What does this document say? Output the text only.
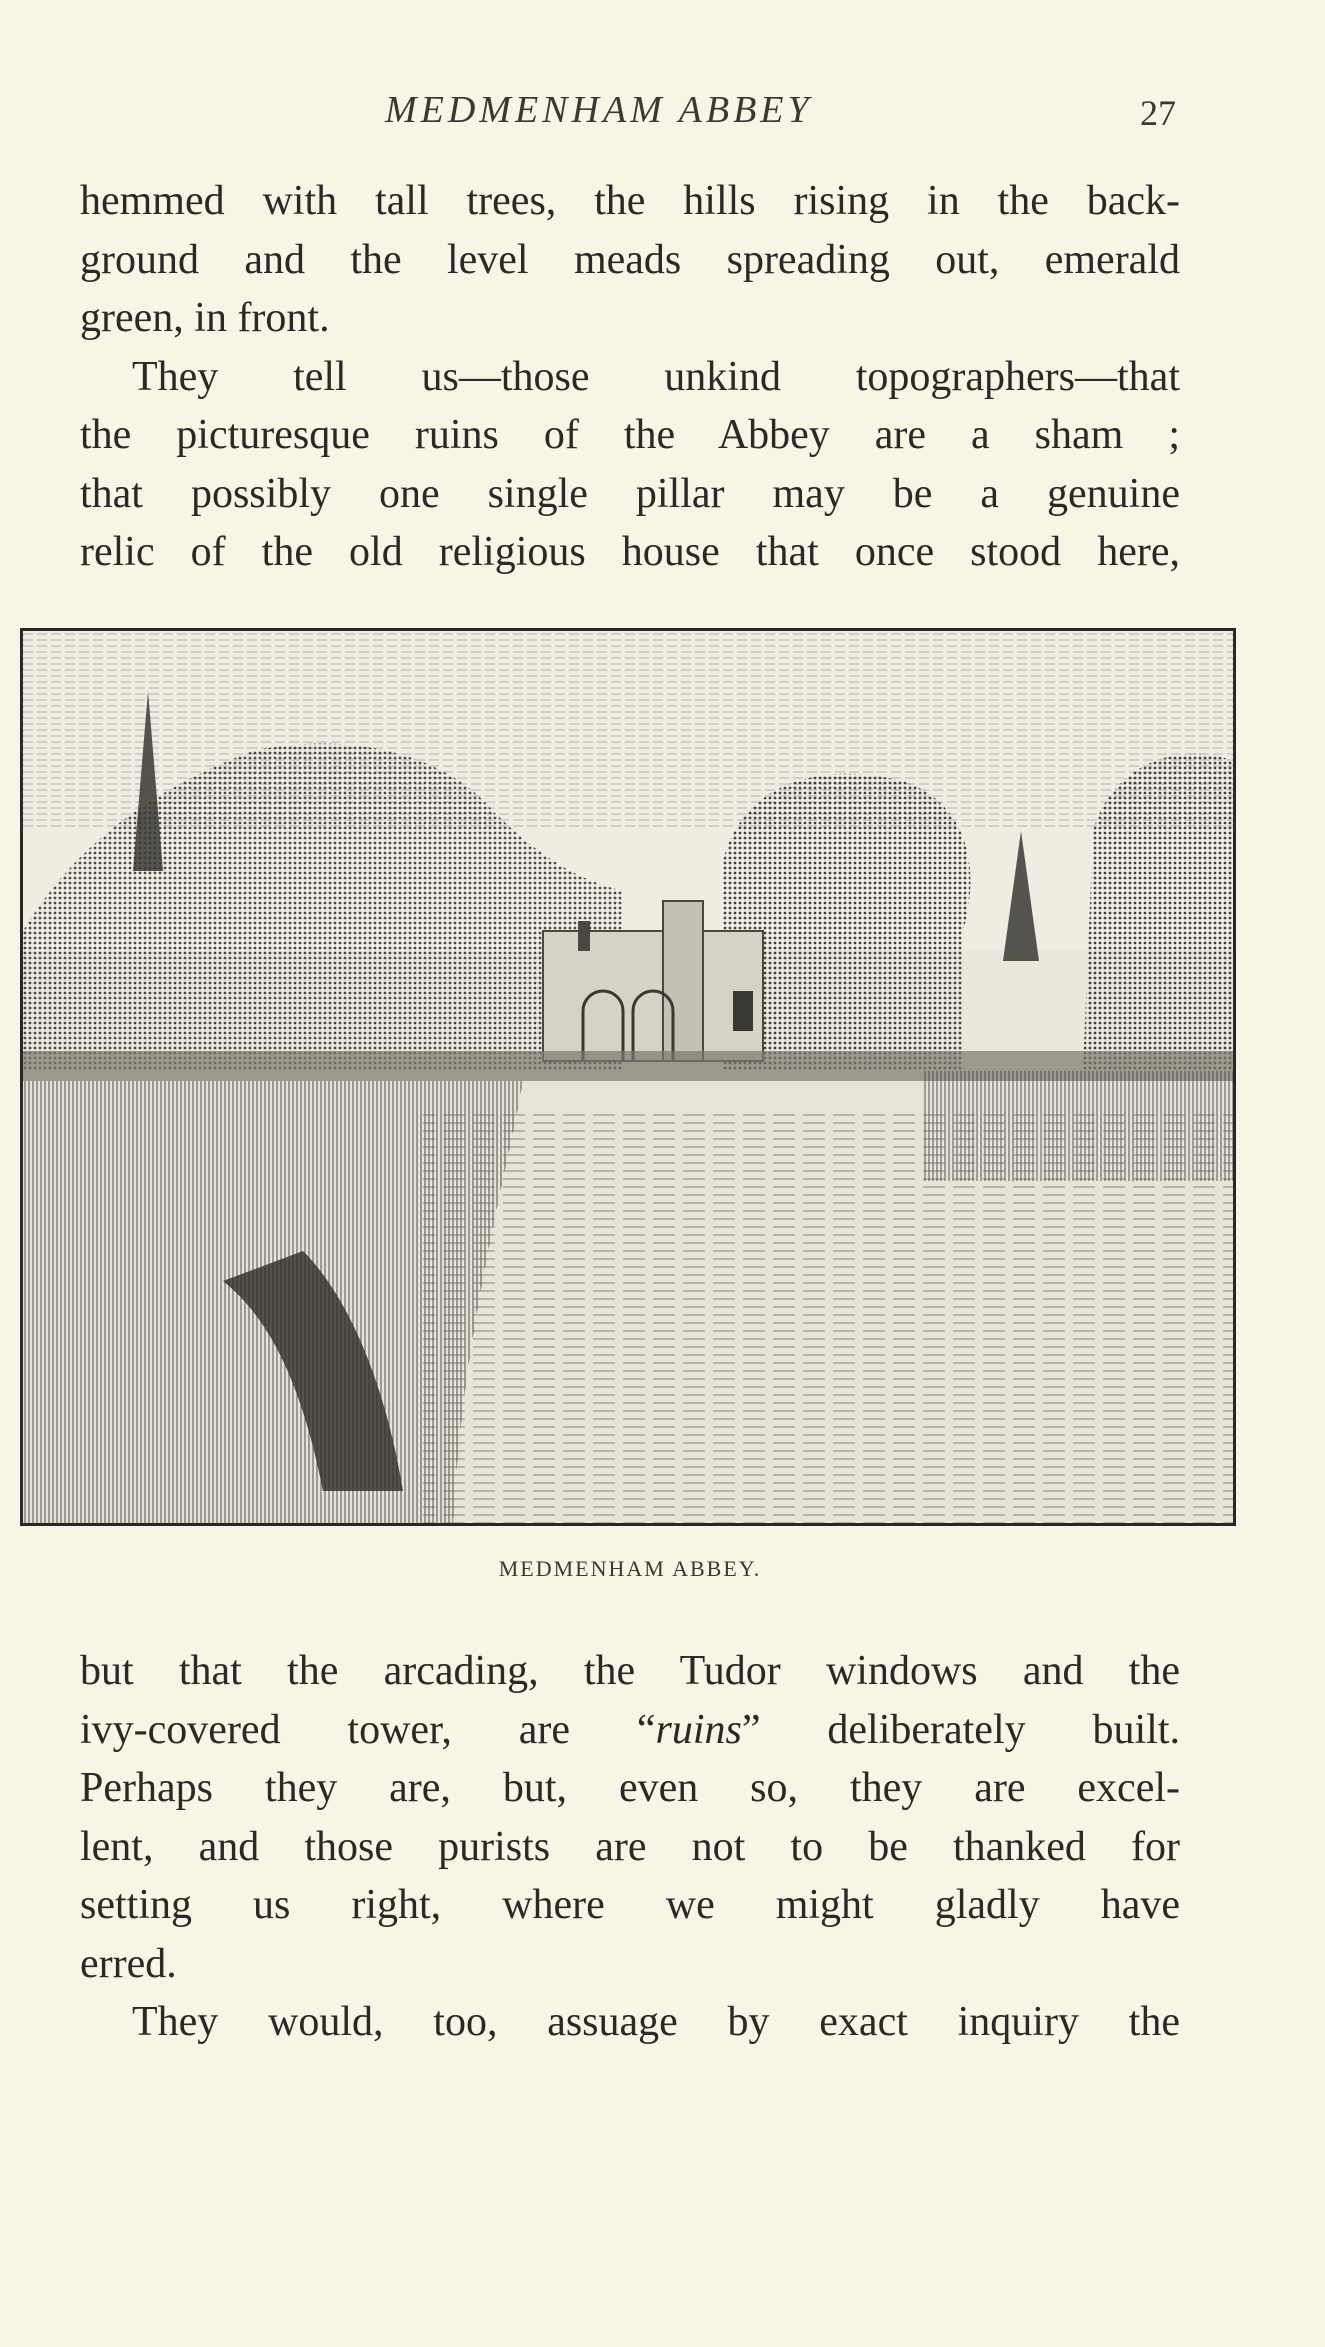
MEDMENHAM ABBEY	27
hemmed with tall trees, the hills rising in the back-
ground and the level meads spreading out, emerald
green, in front.
They tell us—those unkind topographers—that
the picturesque ruins of the Abbey are a sham ;
that possibly one single pillar may be a genuine
relic of the old religious house that once stood here,
MEDMENHAM ABBEY.
but that the arcading, the Tudor windows and the
ivy-covered tower, are “ruins” deliberately built.
Perhaps they are, but, even so, they are excel-
lent, and those purists are not to be thanked for
setting us right, where we might gladly have
erred.
They would, too, assuage by exact inquiry the
